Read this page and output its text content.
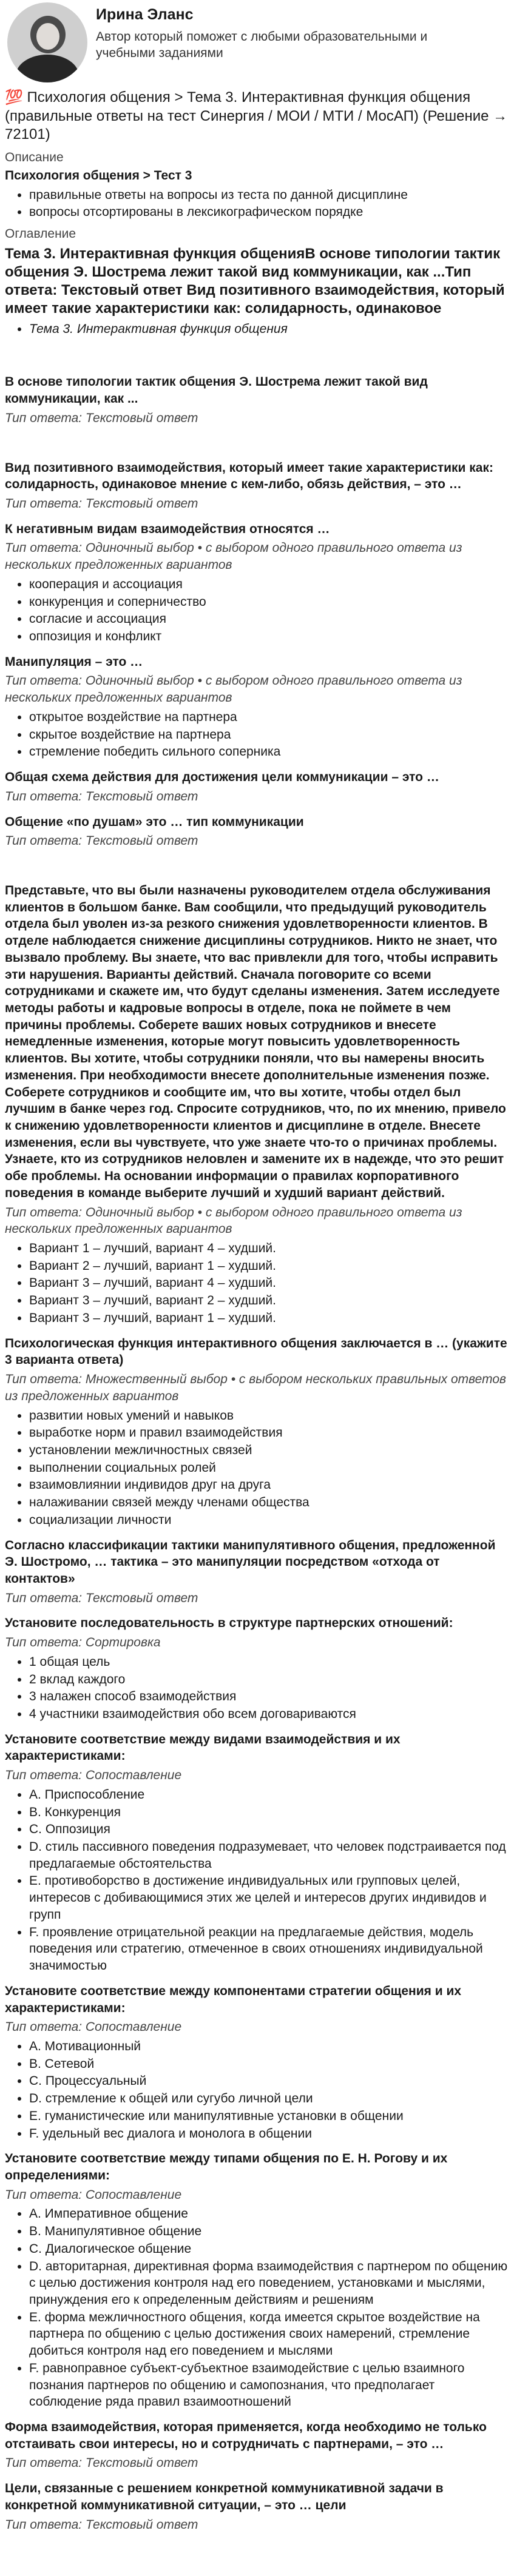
Ирина Эланс
Автор который поможет с любыми образовательными и учебными заданиями
💯 Психология общения > Тема 3. Интерактивная функция общения (правильные ответы на тест Синергия / МОИ / МТИ / МосАП) (Решение → 72101)
Описание
Психология общения > Тест 3
• правильные ответы на вопросы из теста по данной дисциплине
• вопросы отсортированы в лексикографическом порядке
Оглавление
Тема 3. Интерактивная функция общенияВ основе типологии тактик общения Э. Шострема лежит такой вид коммуникации, как ...Тип ответа: Текстовый ответ Вид позитивного взаимодействия, который имеет такие характеристики как: солидарность, одинаковое
• Тема 3. Интерактивная функция общения
В основе типологии тактик общения Э. Шострема лежит такой вид коммуникации, как ...
Тип ответа: Текстовый ответ
Вид позитивного взаимодействия, который имеет такие характеристики как: солидарность, одинаковое мнение с кем-либо, обязь действия, – это …
Тип ответа: Текстовый ответ
К негативным видам взаимодействия относятся …
Тип ответа: Одиночный выбор • с выбором одного правильного ответа из нескольких предложенных вариантов
• кооперация и ассоциация
• конкуренция и соперничество
• согласие и ассоциация
• оппозиция и конфликт
Манипуляция – это …
Тип ответа: Одиночный выбор • с выбором одного правильного ответа из нескольких предложенных вариантов
• открытое воздействие на партнера
• скрытое воздействие на партнера
• стремление победить сильного соперника
Общая схема действия для достижения цели коммуникации – это …
Тип ответа: Текстовый ответ
Общение «по душам» это … тип коммуникации
Тип ответа: Текстовый ответ
Представьте, что вы были назначены руководителем отдела обслуживания клиентов в большом банке. Вам сообщили, что предыдущий руководитель отдела был уволен из-за резкого снижения удовлетворенности клиентов. В отделе наблюдается снижение дисциплины сотрудников. Никто не знает, что вызвало проблему. Вы знаете, что вас привлекли для того, чтобы исправить эти нарушения. Варианты действий. Сначала поговорите со всеми сотрудниками и скажете им, что будут сделаны изменения. Затем исследуете методы работы и кадровые вопросы в отделе, пока не поймете в чем причины проблемы. Соберете ваших новых сотрудников и внесете немедленные изменения, которые могут повысить удовлетворенность клиентов. Вы хотите, чтобы сотрудники поняли, что вы намерены вносить изменения. При необходимости внесете дополнительные изменения позже. Соберете сотрудников и сообщите им, что вы хотите, чтобы отдел был лучшим в банке через год. Спросите сотрудников, что, по их мнению, привело к снижению удовлетворенности клиентов и дисциплине в отделе. Внесете изменения, если вы чувствуете, что уже знаете что-то о причинах проблемы. Узнаете, кто из сотрудников неловлен и замените их в надежде, что это решит обе проблемы. На основании информации о правилах корпоративного поведения в команде выберите лучший и худший вариант действий.
Тип ответа: Одиночный выбор • с выбором одного правильного ответа из нескольких предложенных вариантов
• Вариант 1 – лучший, вариант 4 – худший.
• Вариант 2 – лучший, вариант 1 – худший.
• Вариант 3 – лучший, вариант 4 – худший.
• Вариант 3 – лучший, вариант 2 – худший.
• Вариант 3 – лучший, вариант 1 – худший.
Психологическая функция интерактивного общения заключается в … (укажите 3 варианта ответа)
Тип ответа: Множественный выбор • с выбором нескольких правильных ответов из предложенных вариантов
• развитии новых умений и навыков
• выработке норм и правил взаимодействия
• установлении межличностных связей
• выполнении социальных ролей
• взаимовлиянии индивидов друг на друга
• налаживании связей между членами общества
• социализации личности
Согласно классификации тактики манипулятивного общения, предложенной Э. Шостромо, … тактика – это манипуляции посредством «отхода от контактов»
Тип ответа: Текстовый ответ
Установите последовательность в структуре партнерских отношений:
Тип ответа: Сортировка
• 1 общая цель
• 2 вклад каждого
• 3 налажен способ взаимодействия
• 4 участники взаимодействия обо всем договариваются
Установите соответствие между видами взаимодействия и их характеристиками:
Тип ответа: Сопоставление
• A. Приспособление
• B. Конкуренция
• C. Оппозиция
• D. стиль пассивного поведения подразумевает, что человек подстраивается под предлагаемые обстоятельства
• E. противоборство в достижение индивидуальных или групповых целей, интересов с добивающимися этих же целей и интересов других индивидов и групп
• F. проявление отрицательной реакции на предлагаемые действия, модель поведения или стратегию, отмеченное в своих отношениях индивидуальной значимостью
Установите соответствие между компонентами стратегии общения и их характеристиками:
Тип ответа: Сопоставление
• A. Мотивационный
• B. Сетевой
• C. Процессуальный
• D. стремление к общей или сугубо личной цели
• E. гуманистические или манипулятивные установки в общении
• F. удельный вес диалога и монолога в общении
Установите соответствие между типами общения по Е. Н. Рогову и их определениями:
Тип ответа: Сопоставление
• A. Императивное общение
• B. Манипулятивное общение
• C. Диалогическое общение
• D. авторитарная, директивная форма взаимодействия с партнером по общению с целью достижения контроля над его поведением, установками и мыслями, принуждения его к определенным действиям и решениям
• E. форма межличностного общения, когда имеется скрытое воздействие на партнера по общению с целью достижения своих намерений, стремление добиться контроля над его поведением и мыслями
• F. равноправное субъект-субъектное взаимодействие с целью взаимного познания партнеров по общению и самопознания, что предполагает соблюдение ряда правил взаимоотношений
Форма взаимодействия, которая применяется, когда необходимо не только отстаивать свои интересы, но и сотрудничать с партнерами, – это …
Тип ответа: Текстовый ответ
Цели, связанные с решением конкретной коммуникативной задачи в конкретной коммуникативной ситуации, – это … цели
Тип ответа: Текстовый ответ
